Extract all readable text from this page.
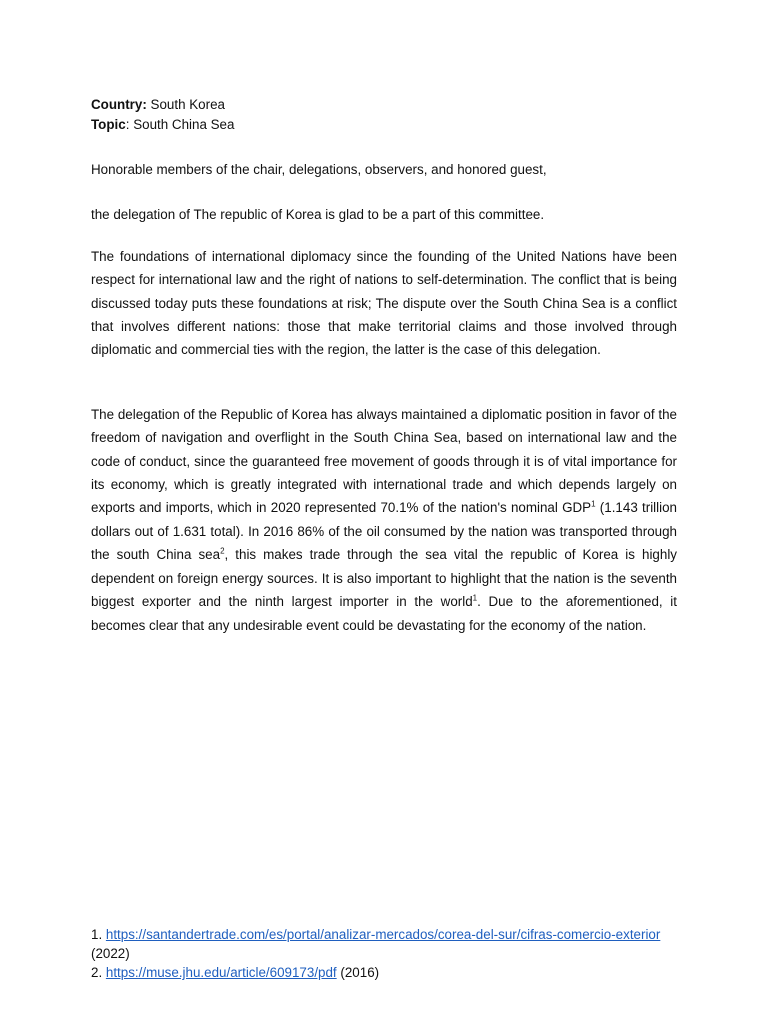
Country: South Korea

Topic: South China Sea

Honorable members of the chair, delegations, observers, and honored guest,

the delegation of The republic of Korea is glad to be a part of this committee.

The foundations of international diplomacy since the founding of the United Nations have been respect for international law and the right of nations to self-determination. The conflict that is being discussed today puts these foundations at risk; The dispute over the South China Sea is a conflict that involves different nations: those that make territorial claims and those involved through diplomatic and commercial ties with the region, the latter is the case of this delegation.

The delegation of the Republic of Korea has always maintained a diplomatic position in favor of the freedom of navigation and overflight in the South China Sea, based on international law and the code of conduct, since the guaranteed free movement of goods through it is of vital importance for its economy, which is greatly integrated with international trade and which depends largely on exports and imports, which in 2020 represented 70.1% of the nation's nominal GDP$^1$ (1.143 trillion dollars out of 1.631 total). In 2016 86% of the oil consumed by the nation was transported through the south China sea$^2$, this makes trade through the sea vital the republic of Korea is highly dependent on foreign energy sources. It is also important to highlight that the nation is the seventh biggest exporter and the ninth largest importer in the world$^1$. Due to the aforementioned, it becomes clear that any undesirable event could be devastating for the economy of the nation.

1. https://santandertrade.com/es/portal/analizar-mercados/corea-del-sur/cifras-comercio-exterior

(2022)

2. https://muse.jhu.edu/article/609173/pdf (2016)
